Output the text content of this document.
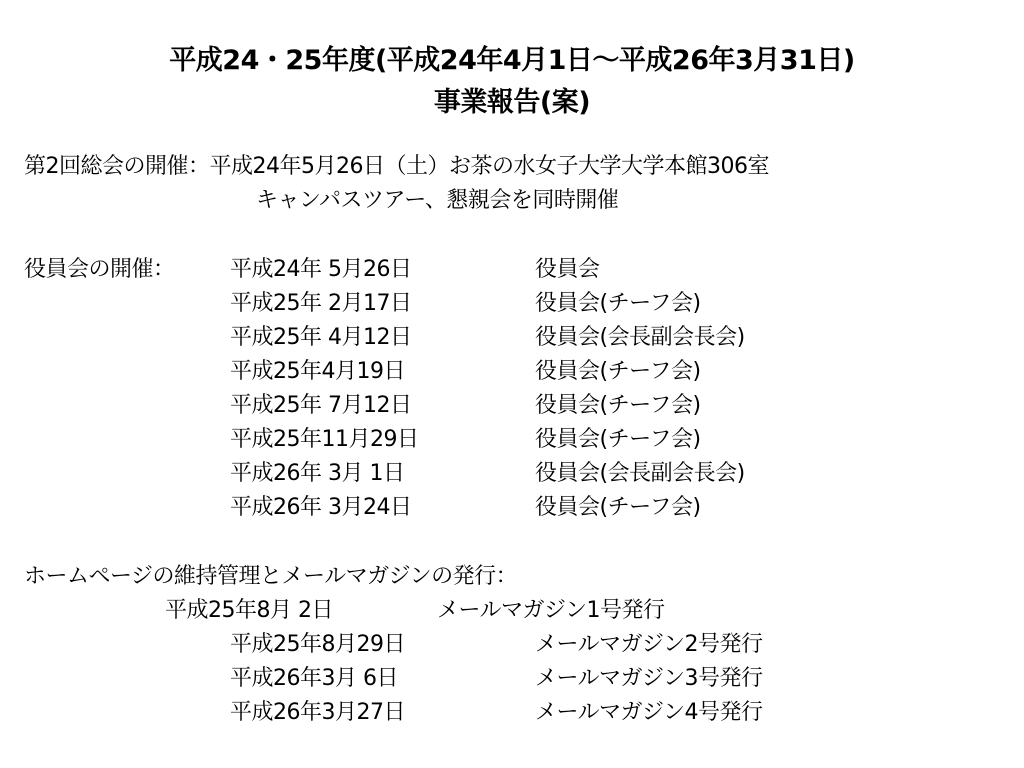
平成24・25年度(平成24年4月1日～平成26年3月31日)
事業報告(案)
第2回総会の開催：平成24年5月26日（土）お茶の水女子大学大学本館306室
キャンパスツアー、懇親会を同時開催
役員会の開催：	平成24年 5月26日	役員会
平成25年 2月17日	役員会(チーフ会)
平成25年 4月12日	役員会(会長副会長会)
平成25年4月19日	役員会(チーフ会)
平成25年 7月12日	役員会(チーフ会)
平成25年11月29日	役員会(チーフ会)
平成26年 3月 1日	役員会(会長副会長会)
平成26年 3月24日	役員会(チーフ会)
ホームページの維持管理とメールマガジンの発行：
平成25年8月 2日	メールマガジン1号発行
平成25年8月29日	メールマガジン2号発行
平成26年3月 6日	メールマガジン3号発行
平成26年3月27日	メールマガジン4号発行
